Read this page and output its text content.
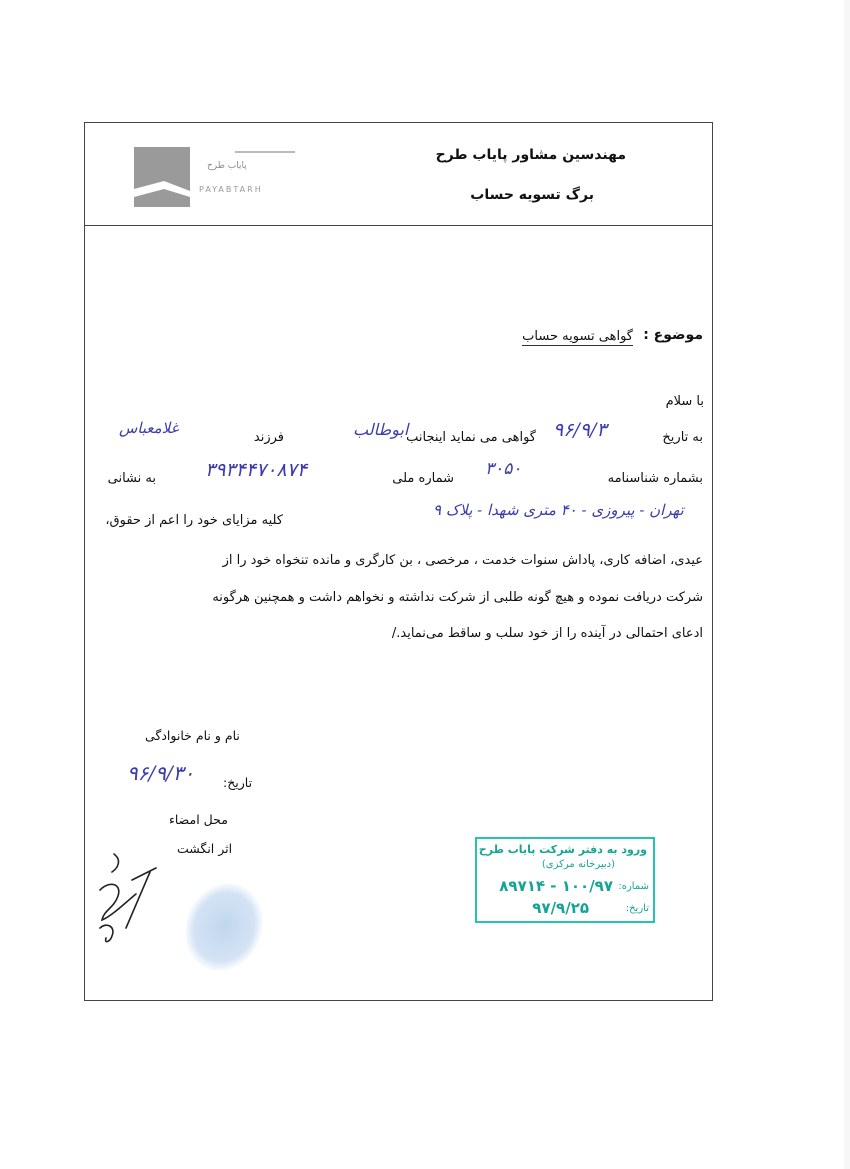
مهندسین مشاور پایاب طرح
برگ تسویه حساب
پایاب طرح
PAYABTARH
موضوع :
گواهی تسویه حساب
با سلام
به تاریخ
۹۶/۹/۳
گواهی می نماید اینجانب
ابوطالب
فرزند
غلامعباس
بشماره شناسنامه
۳۰۵۰
شماره ملی
۳۹۳۴۴۷۰۸۷۴
به نشانی
تهران - پیروزی - ۴۰ متری شهدا - پلاک ۹
کلیه مزایای خود را اعم از حقوق،
عیدی، اضافه کاری، پاداش سنوات خدمت ، مرخصی ، بن کارگری و مانده تنخواه خود را از
شرکت دریافت نموده و هیچ گونه طلبی از شرکت نداشته و نخواهم داشت و همچنین هرگونه
ادعای احتمالی در آینده را از خود سلب و ساقط می‌نماید./
نام و نام خانوادگی
تاریخ:
۹۶/۹/۳۰
محل امضاء
اثر انگشت	ورود به دفتر شرکت پایاب طرح
(دبیرخانه مرکزی)
شماره:
۱۰۰/۹۷ - ۸۹۷۱۴
تاریخ:
۹۷/۹/۲۵
